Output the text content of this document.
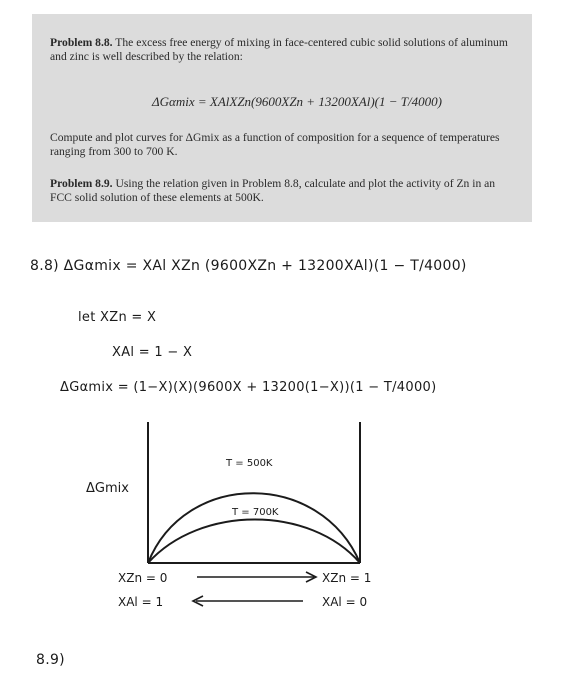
Problem 8.8. The excess free energy of mixing in face-centered cubic solid solutions of aluminum and zinc is well described by the relation:

ΔGαmix = XAlXZn(9600XZn + 13200XAl)(1 − T/4000)

Compute and plot curves for ΔGmix as a function of composition for a sequence of temperatures ranging from 300 to 700 K.

Problem 8.9. Using the relation given in Problem 8.8, calculate and plot the activity of Zn in an FCC solid solution of these elements at 500K.

8.8) ΔGαmix = XAl XZn (9600XZn + 13200XAl)(1 − T/4000)
let XZn = X
XAl = 1 − X
ΔGαmix = (1−X)(X)(9600X + 13200(1−X))(1 − T/4000)
T = 500K
T = 700K
ΔGmix
XZn = 0
XAl = 1
XZn = 1
XAl = 0
8.9)
